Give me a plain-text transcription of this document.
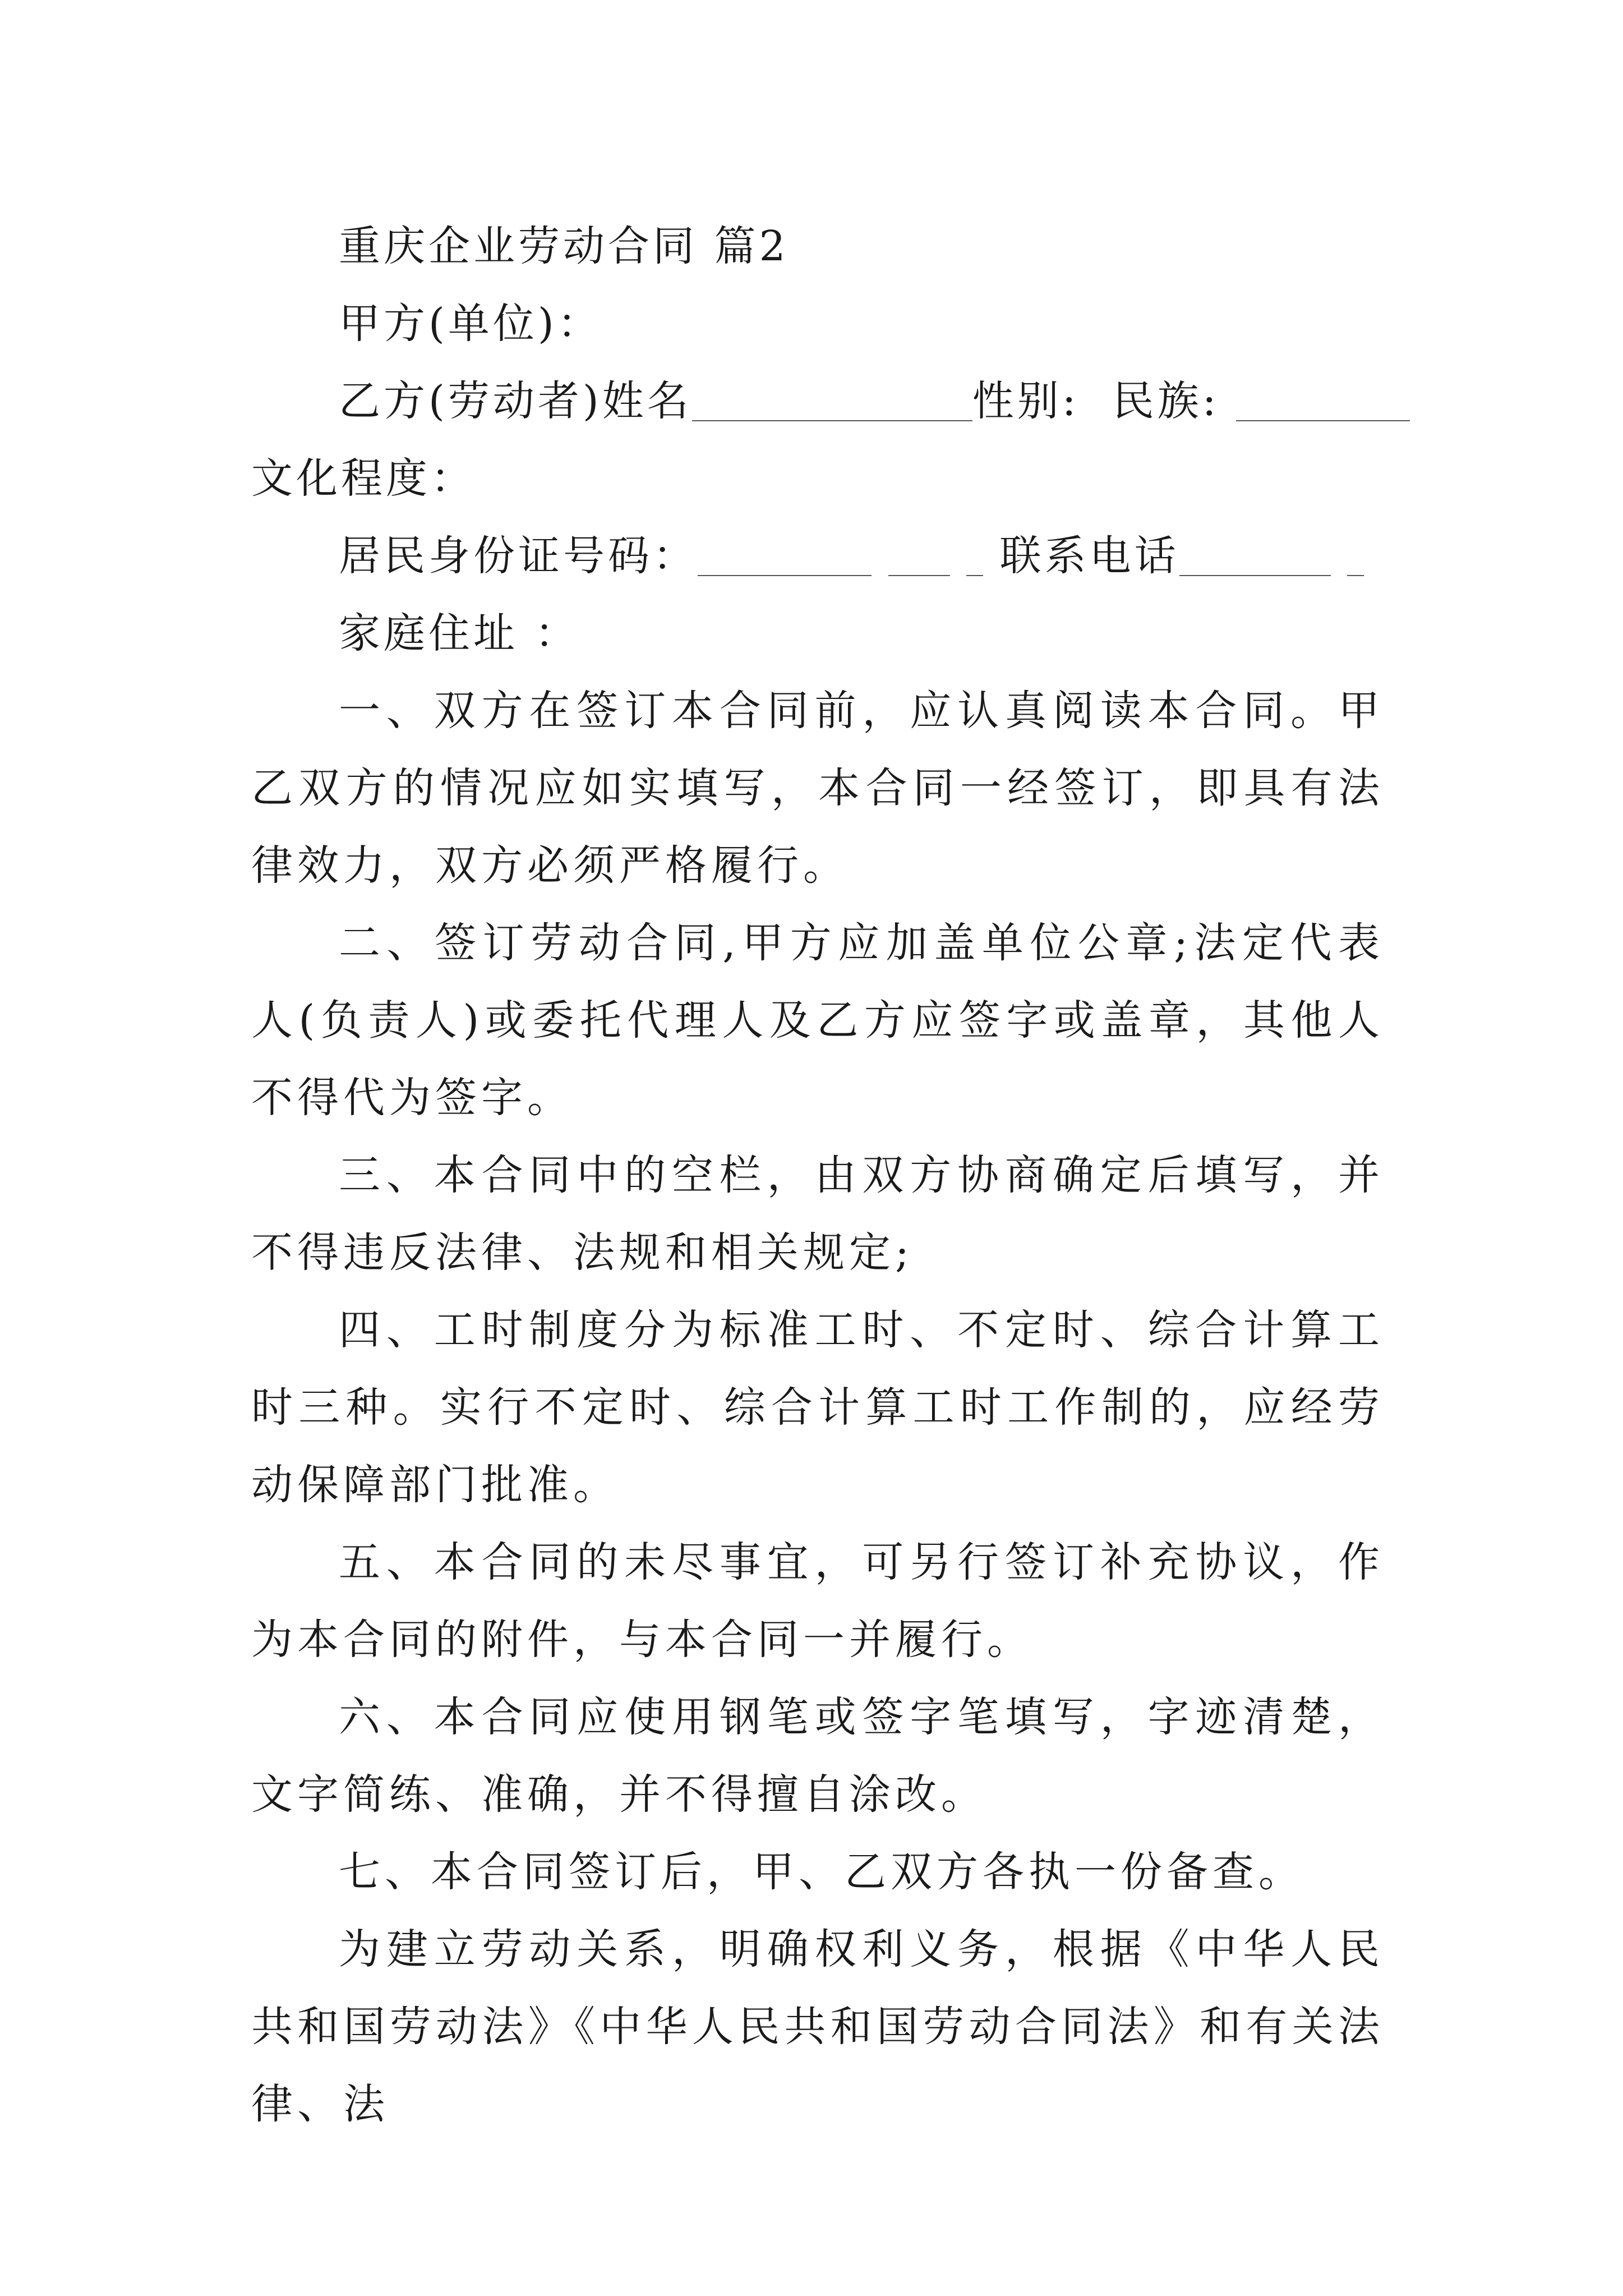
重庆企业劳动合同 篇2
甲方(单位)：
乙方(劳动者)姓名	性别: 民族:
文化程度：
居民身份证号码：	联系电话
家庭住址 ：

一、双方在签订本合同前，应认真阅读本合同。甲乙双方的情况应如实填写，本合同一经签订，即具有法律效力，双方必须严格履行。

二、签订劳动合同,甲方应加盖单位公章;法定代表人(负责人)或委托代理人及乙方应签字或盖章，其他人不得代为签字。

三、本合同中的空栏，由双方协商确定后填写，并不得违反法律、法规和相关规定;

四、工时制度分为标准工时、不定时、综合计算工时三种。实行不定时、综合计算工时工作制的，应经劳动保障部门批准。

五、本合同的未尽事宜，可另行签订补充协议，作为本合同的附件，与本合同一并履行。

六、本合同应使用钢笔或签字笔填写，字迹清楚，文字简练、准确，并不得擅自涂改。

七、本合同签订后，甲、乙双方各执一份备查。

为建立劳动关系，明确权利义务，根据《中华人民共和国劳动法》《中华人民共和国劳动合同法》和有关法律、法
